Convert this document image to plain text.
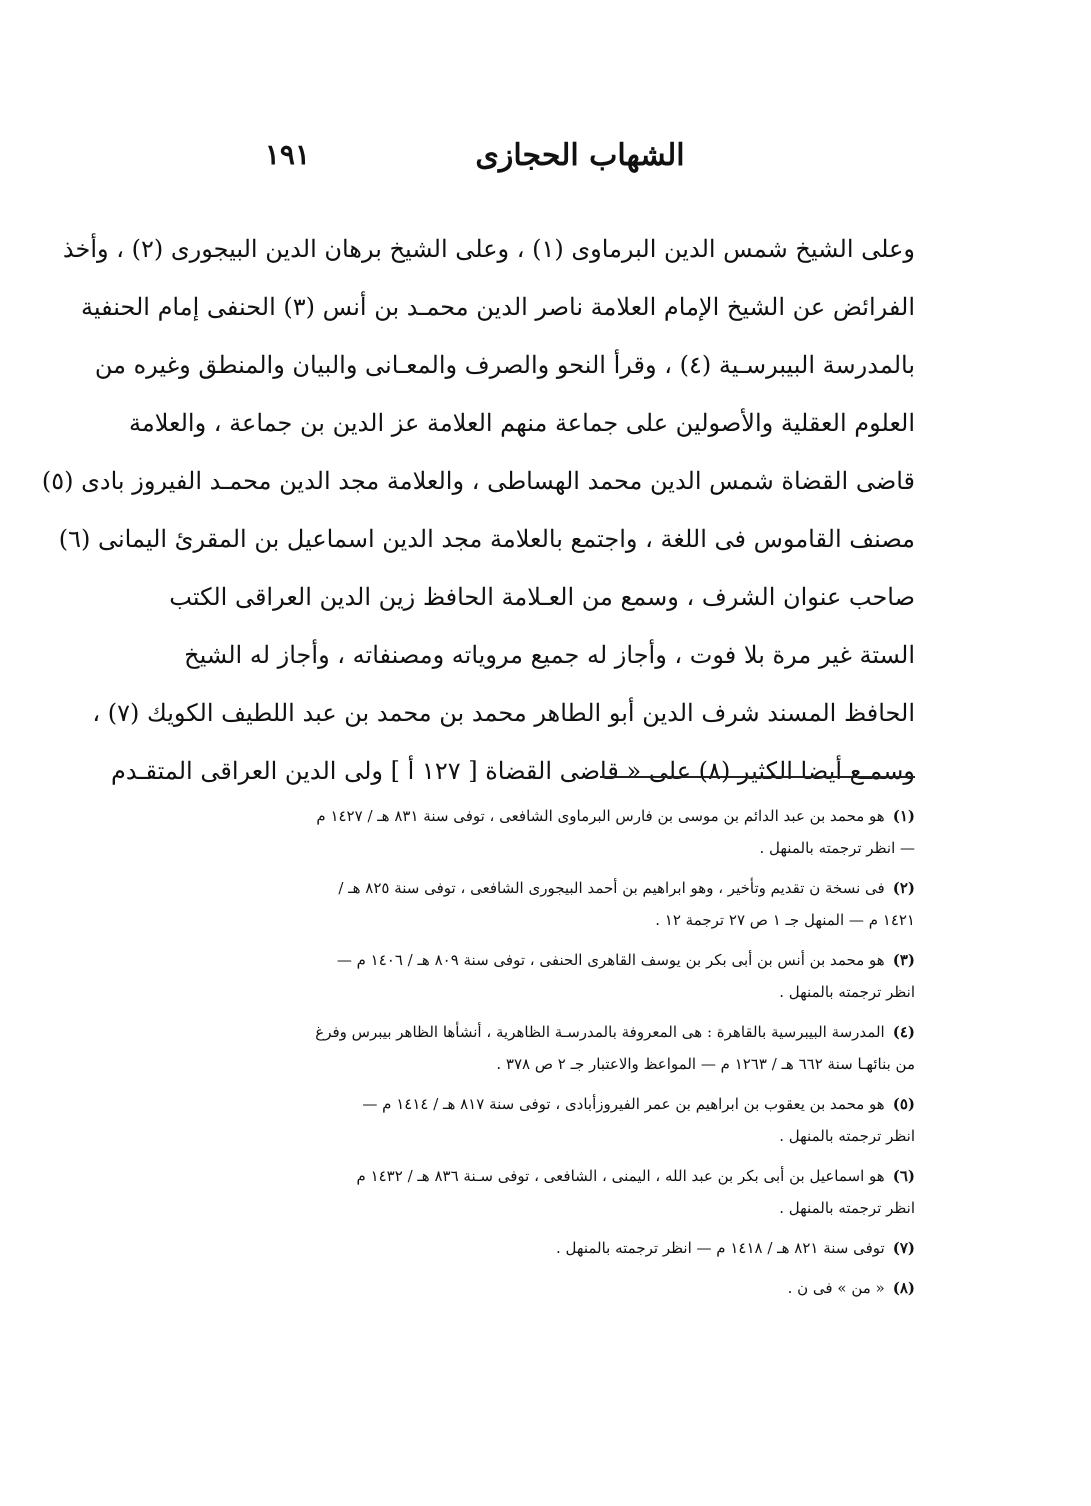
الشهاب الحجازى
١٩١
وعلى الشيخ شمس الدين البرماوى (١) ، وعلى الشيخ برهان الدين البيجورى (٢) ، وأخذ
الفرائض عن الشيخ الإمام العلامة ناصر الدين محمـد بن أنس (٣) الحنفى إمام الحنفية
بالمدرسة البيبرسـية (٤) ، وقرأ النحو والصرف والمعـانى والبيان والمنطق وغيره من
العلوم العقلية والأصولين على جماعة منهم العلامة عز الدين بن جماعة ، والعلامة
قاضى القضاة شمس الدين محمد الهساطى ، والعلامة مجد الدين محمـد الفيروز بادى (٥)
مصنف القاموس فى اللغة ، واجتمع بالعلامة مجد الدين اسماعيل بن المقرئ اليمانى (٦)
صاحب عنوان الشرف ، وسمع من العـلامة الحافظ زين الدين العراقى الكتب
الستة غير مرة بلا فوت ، وأجاز له جميع مروياته ومصنفاته ، وأجاز له الشيخ
الحافظ المسند شرف الدين أبو الطاهر محمد بن محمد بن عبد اللطيف الكويك (٧) ،
وسمـع أيضا الكثير (٨) على « قاضى القضاة [ ١٢٧ أ ] ولى الدين العراقى المتقـدم
(١)هو محمد بن عبد الدائم بن موسى بن فارس البرماوى الشافعى ، توفى سنة ٨٣١ هـ / ١٤٢٧ م
— انظر ترجمته بالمنهل .
(٢)فى نسخة ن تقديم وتأخير ، وهو ابراهيم بن أحمد البيجورى الشافعى ، توفى سنة ٨٢٥ هـ /
١٤٢١ م — المنهل جـ ١ ص ٢٧ ترجمة ١٢ .
(٣)هو محمد بن أنس بن أبى بكر بن يوسف القاهرى الحنفى ، توفى سنة ٨٠٩ هـ / ١٤٠٦ م —
انظر ترجمته بالمنهل .
(٤)المدرسة البيبرسية بالقاهرة : هى المعروفة بالمدرسـة الظاهرية ، أنشأها الظاهر بيبرس وفرغ
من بنائهـا سنة ٦٦٢ هـ / ١٢٦٣ م — المواعظ والاعتبار جـ ٢ ص ٣٧٨ .
(٥)هو محمد بن يعقوب بن ابراهيم بن عمر الفيروزأبادى ، توفى سنة ٨١٧ هـ / ١٤١٤ م —
انظر ترجمته بالمنهل .
(٦)هو اسماعيل بن أبى بكر بن عبد الله ، اليمنى ، الشافعى ، توفى سـنة ٨٣٦ هـ / ١٤٣٢ م
انظر ترجمته بالمنهل .
(٧)توفى سنة ٨٢١ هـ / ١٤١٨ م — انظر ترجمته بالمنهل .
(٨)« من » فى ن .
